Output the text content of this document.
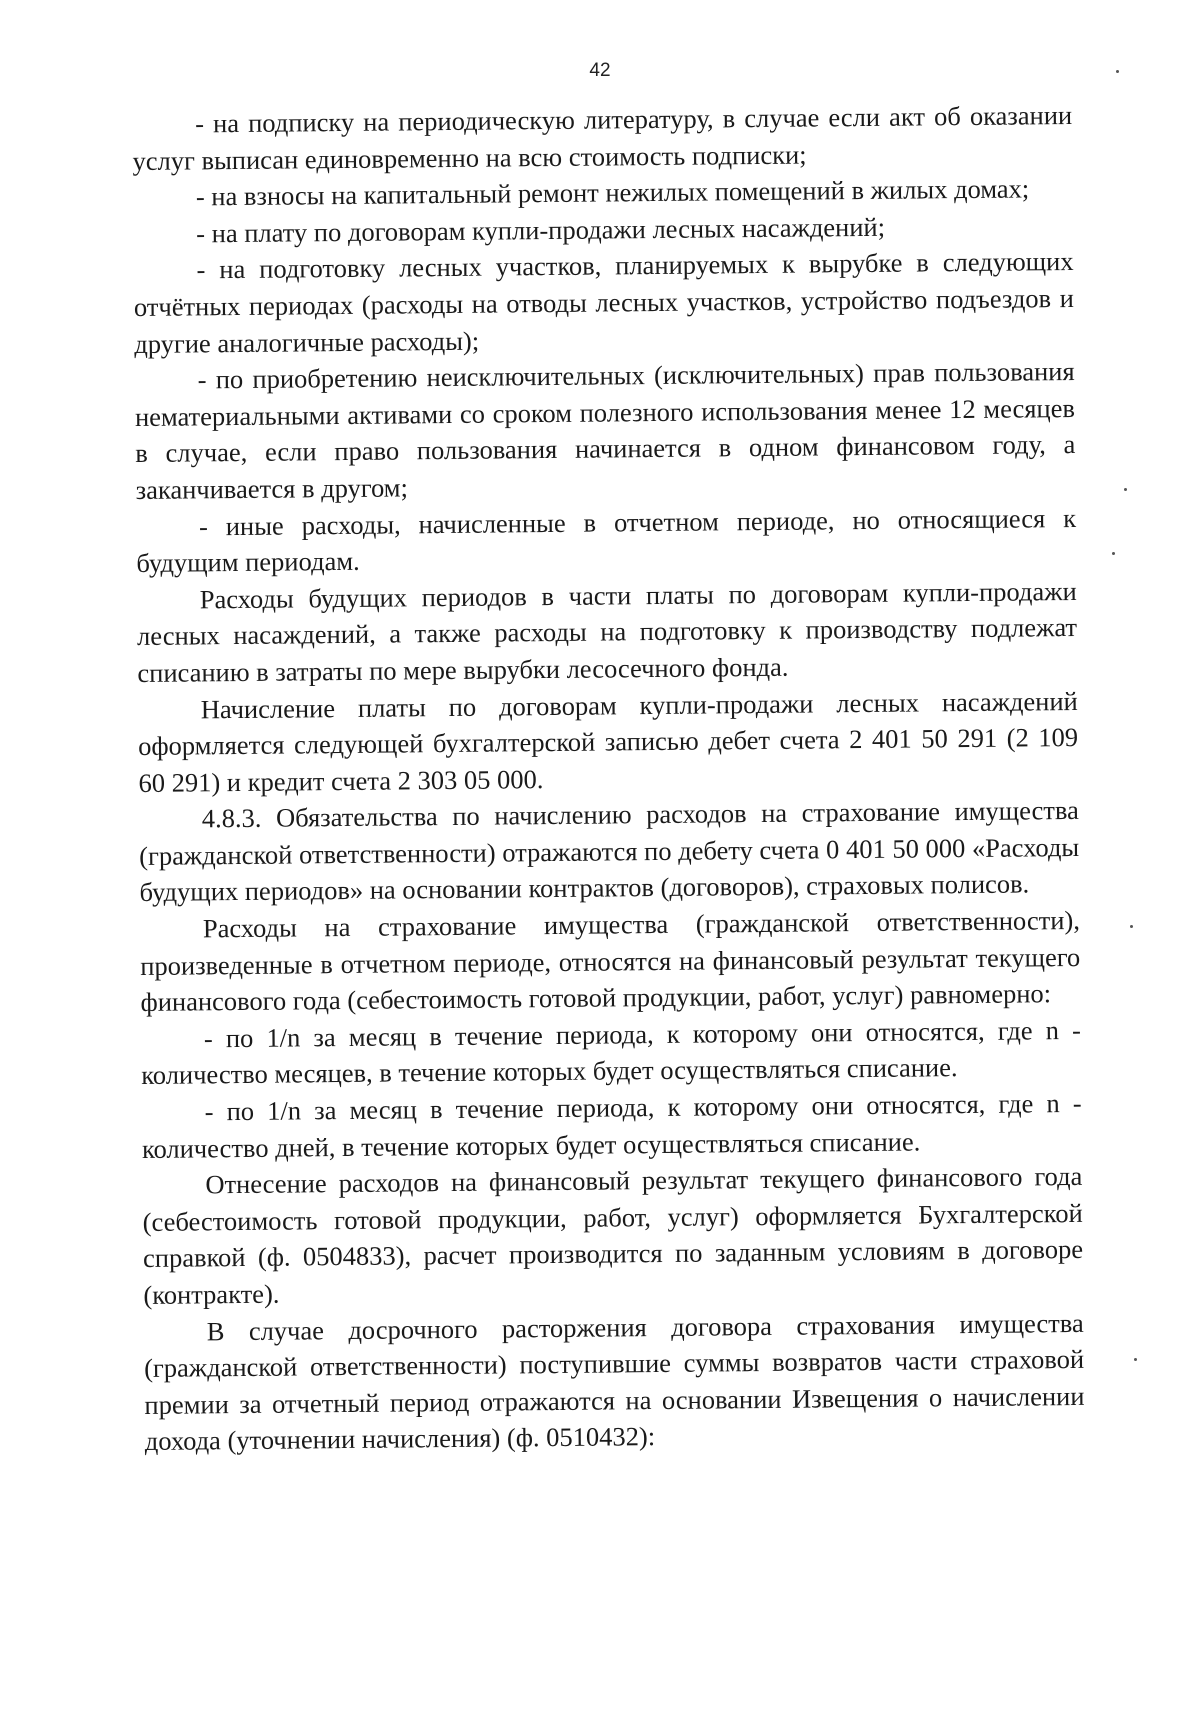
42

- на подписку на периодическую литературу, в случае если акт об оказании услуг выписан единовременно на всю стоимость подписки;

- на взносы на капитальный ремонт нежилых помещений в жилых домах;

- на плату по договорам купли-продажи лесных насаждений;

- на подготовку лесных участков, планируемых к вырубке в следующих отчётных периодах (расходы на отводы лесных участков, устройство подъездов и другие аналогичные расходы);

- по приобретению неисключительных (исключительных) прав пользования нематериальными активами со сроком полезного использования менее 12 месяцев в случае, если право пользования начинается в одном финансовом году, а заканчивается в другом;

- иные расходы, начисленные в отчетном периоде, но относящиеся к будущим периодам.

Расходы будущих периодов в части платы по договорам купли-продажи лесных насаждений, а также расходы на подготовку к производству подлежат списанию в затраты по мере вырубки лесосечного фонда.

Начисление платы по договорам купли-продажи лесных насаждений оформляется следующей бухгалтерской записью дебет счета 2 401 50 291 (2 109 60 291) и кредит счета 2 303 05 000.

4.8.3. Обязательства по начислению расходов на страхование имущества (гражданской ответственности) отражаются по дебету счета 0 401 50 000 «Расходы будущих периодов» на основании контрактов (договоров), страховых полисов.

Расходы на страхование имущества (гражданской ответственности), произведенные в отчетном периоде, относятся на финансовый результат текущего финансового года (себестоимость готовой продукции, работ, услуг) равномерно:

- по 1/n за месяц в течение периода, к которому они относятся, где n - количество месяцев, в течение которых будет осуществляться списание.

- по 1/n за месяц в течение периода, к которому они относятся, где n - количество дней, в течение которых будет осуществляться списание.

Отнесение расходов на финансовый результат текущего финансового года (себестоимость готовой продукции, работ, услуг) оформляется Бухгалтерской справкой (ф. 0504833), расчет производится по заданным условиям в договоре (контракте).

В случае досрочного расторжения договора страхования имущества (гражданской ответственности) поступившие суммы возвратов части страховой премии за отчетный период отражаются на основании Извещения о начислении дохода (уточнении начисления) (ф. 0510432):
